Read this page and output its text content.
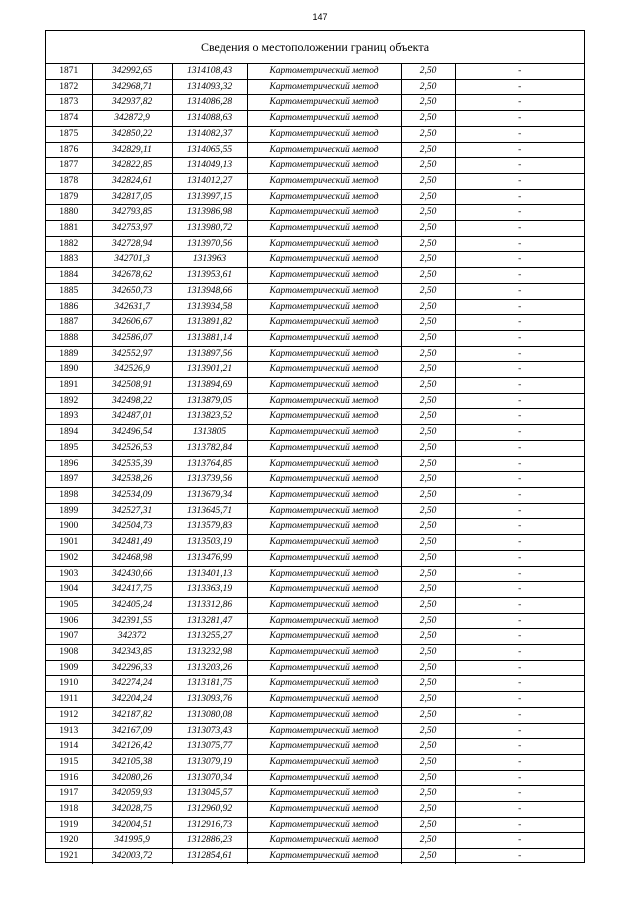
147
Сведения о местоположении границ объекта
1871	342992,65	1314108,43	Картометрический метод	2,50	-
1872	342968,71	1314093,32	Картометрический метод	2,50	-
1873	342937,82	1314086,28	Картометрический метод	2,50	-
1874	342872,9	1314088,63	Картометрический метод	2,50	-
1875	342850,22	1314082,37	Картометрический метод	2,50	-
1876	342829,11	1314065,55	Картометрический метод	2,50	-
1877	342822,85	1314049,13	Картометрический метод	2,50	-
1878	342824,61	1314012,27	Картометрический метод	2,50	-
1879	342817,05	1313997,15	Картометрический метод	2,50	-
1880	342793,85	1313986,98	Картометрический метод	2,50	-
1881	342753,97	1313980,72	Картометрический метод	2,50	-
1882	342728,94	1313970,56	Картометрический метод	2,50	-
1883	342701,3	1313963	Картометрический метод	2,50	-
1884	342678,62	1313953,61	Картометрический метод	2,50	-
1885	342650,73	1313948,66	Картометрический метод	2,50	-
1886	342631,7	1313934,58	Картометрический метод	2,50	-
1887	342606,67	1313891,82	Картометрический метод	2,50	-
1888	342586,07	1313881,14	Картометрический метод	2,50	-
1889	342552,97	1313897,56	Картометрический метод	2,50	-
1890	342526,9	1313901,21	Картометрический метод	2,50	-
1891	342508,91	1313894,69	Картометрический метод	2,50	-
1892	342498,22	1313879,05	Картометрический метод	2,50	-
1893	342487,01	1313823,52	Картометрический метод	2,50	-
1894	342496,54	1313805	Картометрический метод	2,50	-
1895	342526,53	1313782,84	Картометрический метод	2,50	-
1896	342535,39	1313764,85	Картометрический метод	2,50	-
1897	342538,26	1313739,56	Картометрический метод	2,50	-
1898	342534,09	1313679,34	Картометрический метод	2,50	-
1899	342527,31	1313645,71	Картометрический метод	2,50	-
1900	342504,73	1313579,83	Картометрический метод	2,50	-
1901	342481,49	1313503,19	Картометрический метод	2,50	-
1902	342468,98	1313476,99	Картометрический метод	2,50	-
1903	342430,66	1313401,13	Картометрический метод	2,50	-
1904	342417,75	1313363,19	Картометрический метод	2,50	-
1905	342405,24	1313312,86	Картометрический метод	2,50	-
1906	342391,55	1313281,47	Картометрический метод	2,50	-
1907	342372	1313255,27	Картометрический метод	2,50	-
1908	342343,85	1313232,98	Картометрический метод	2,50	-
1909	342296,33	1313203,26	Картометрический метод	2,50	-
1910	342274,24	1313181,75	Картометрический метод	2,50	-
1911	342204,24	1313093,76	Картометрический метод	2,50	-
1912	342187,82	1313080,08	Картометрический метод	2,50	-
1913	342167,09	1313073,43	Картометрический метод	2,50	-
1914	342126,42	1313075,77	Картометрический метод	2,50	-
1915	342105,38	1313079,19	Картометрический метод	2,50	-
1916	342080,26	1313070,34	Картометрический метод	2,50	-
1917	342059,93	1313045,57	Картометрический метод	2,50	-
1918	342028,75	1312960,92	Картометрический метод	2,50	-
1919	342004,51	1312916,73	Картометрический метод	2,50	-
1920	341995,9	1312886,23	Картометрический метод	2,50	-
1921	342003,72	1312854,61	Картометрический метод	2,50	-
